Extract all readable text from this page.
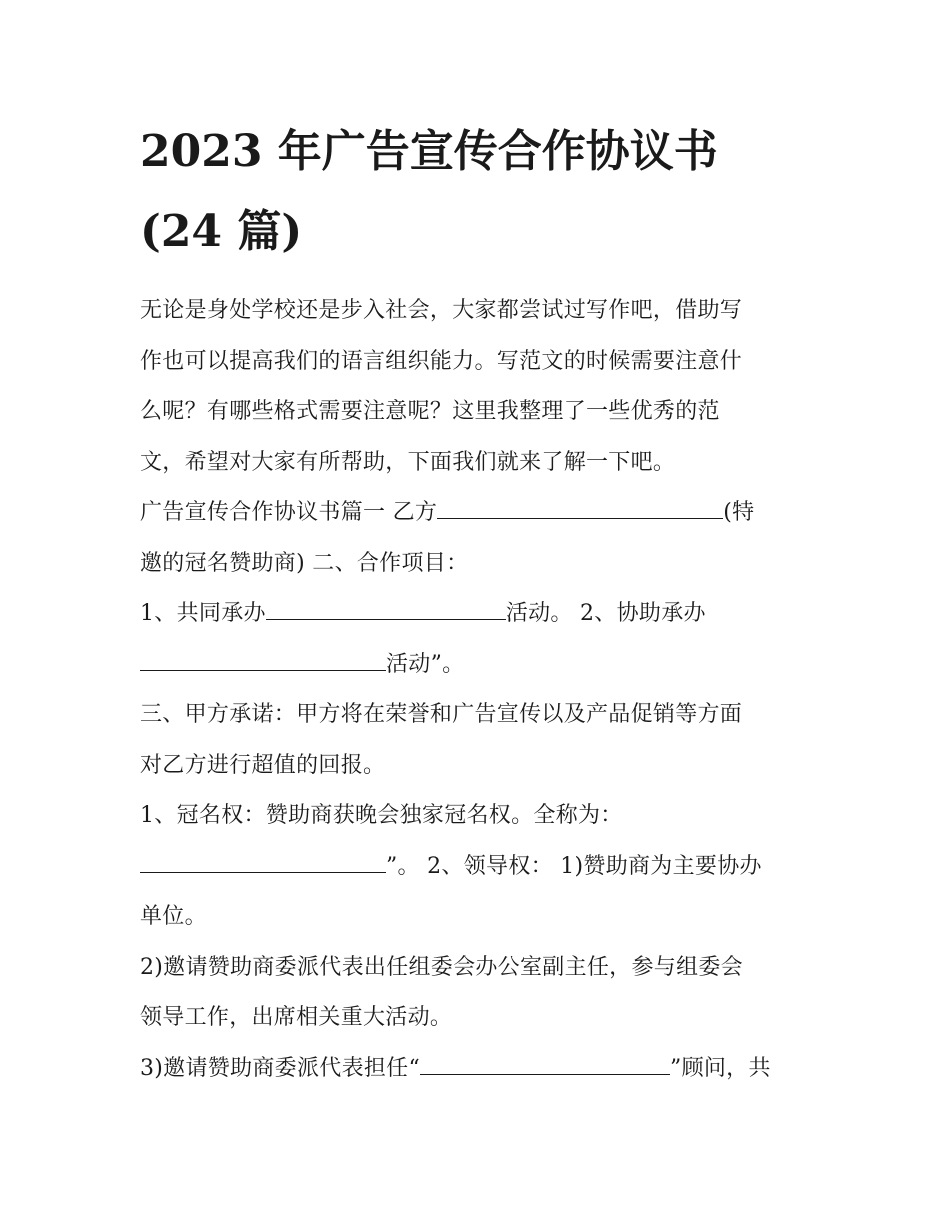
2023 年广告宣传合作协议书
(24 篇)

无论是身处学校还是步入社会，大家都尝试过写作吧，借助写
作也可以提高我们的语言组织能力。写范文的时候需要注意什
么呢？有哪些格式需要注意呢？这里我整理了一些优秀的范
文，希望对大家有所帮助，下面我们就来了解一下吧。

广告宣传合作协议书篇一 乙方	(特
邀的冠名赞助商) 二、合作项目：

1、共同承办	活动。 2、协助承办
活动”。

三、甲方承诺：甲方将在荣誉和广告宣传以及产品促销等方面
对乙方进行超值的回报。

1、冠名权：赞助商获晚会独家冠名权。全称为：
”。 2、领导权： 1)赞助商为主要协办
单位。

2)邀请赞助商委派代表出任组委会办公室副主任，参与组委会
领导工作，出席相关重大活动。

3)邀请赞助商委派代表担任“	”顾问，共
